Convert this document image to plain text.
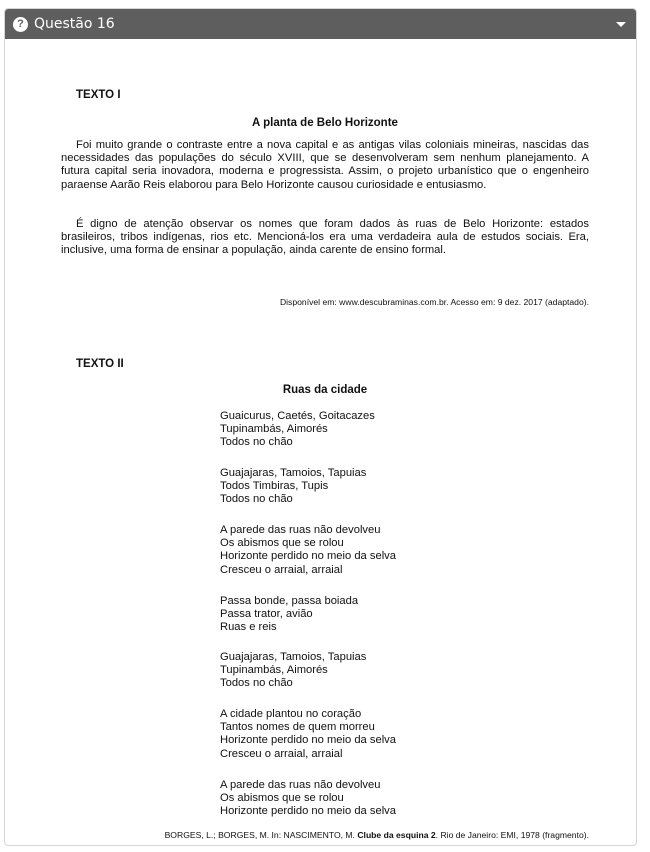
? Questão 16
TEXTO I
A planta de Belo Horizonte
Foi muito grande o contraste entre a nova capital e as antigas vilas coloniais mineiras, nascidas das necessidades das populações do século XVIII, que se desenvolveram sem nenhum planejamento. A futura capital seria inovadora, moderna e progressista. Assim, o projeto urbanístico que o engenheiro paraense Aarão Reis elaborou para Belo Horizonte causou curiosidade e entusiasmo.
É digno de atenção observar os nomes que foram dados às ruas de Belo Horizonte: estados brasileiros, tribos indígenas, rios etc. Mencioná-los era uma verdadeira aula de estudos sociais. Era, inclusive, uma forma de ensinar a população, ainda carente de ensino formal.
Disponível em: www.descubraminas.com.br. Acesso em: 9 dez. 2017 (adaptado).
TEXTO II
Ruas da cidade
Guaicurus, Caetés, Goitacazes
Tupinambás, Aimorés
Todos no chão
Guajajaras, Tamoios, Tapuias
Todos Timbiras, Tupis
Todos no chão
A parede das ruas não devolveu
Os abismos que se rolou
Horizonte perdido no meio da selva
Cresceu o arraial, arraial
Passa bonde, passa boiada
Passa trator, avião
Ruas e reis
Guajajaras, Tamoios, Tapuias
Tupinambás, Aimorés
Todos no chão
A cidade plantou no coração
Tantos nomes de quem morreu
Horizonte perdido no meio da selva
Cresceu o arraial, arraial
A parede das ruas não devolveu
Os abismos que se rolou
Horizonte perdido no meio da selva
BORGES, L.; BORGES, M. In: NASCIMENTO, M. Clube da esquina 2. Rio de Janeiro: EMI, 1978 (fragmento).
